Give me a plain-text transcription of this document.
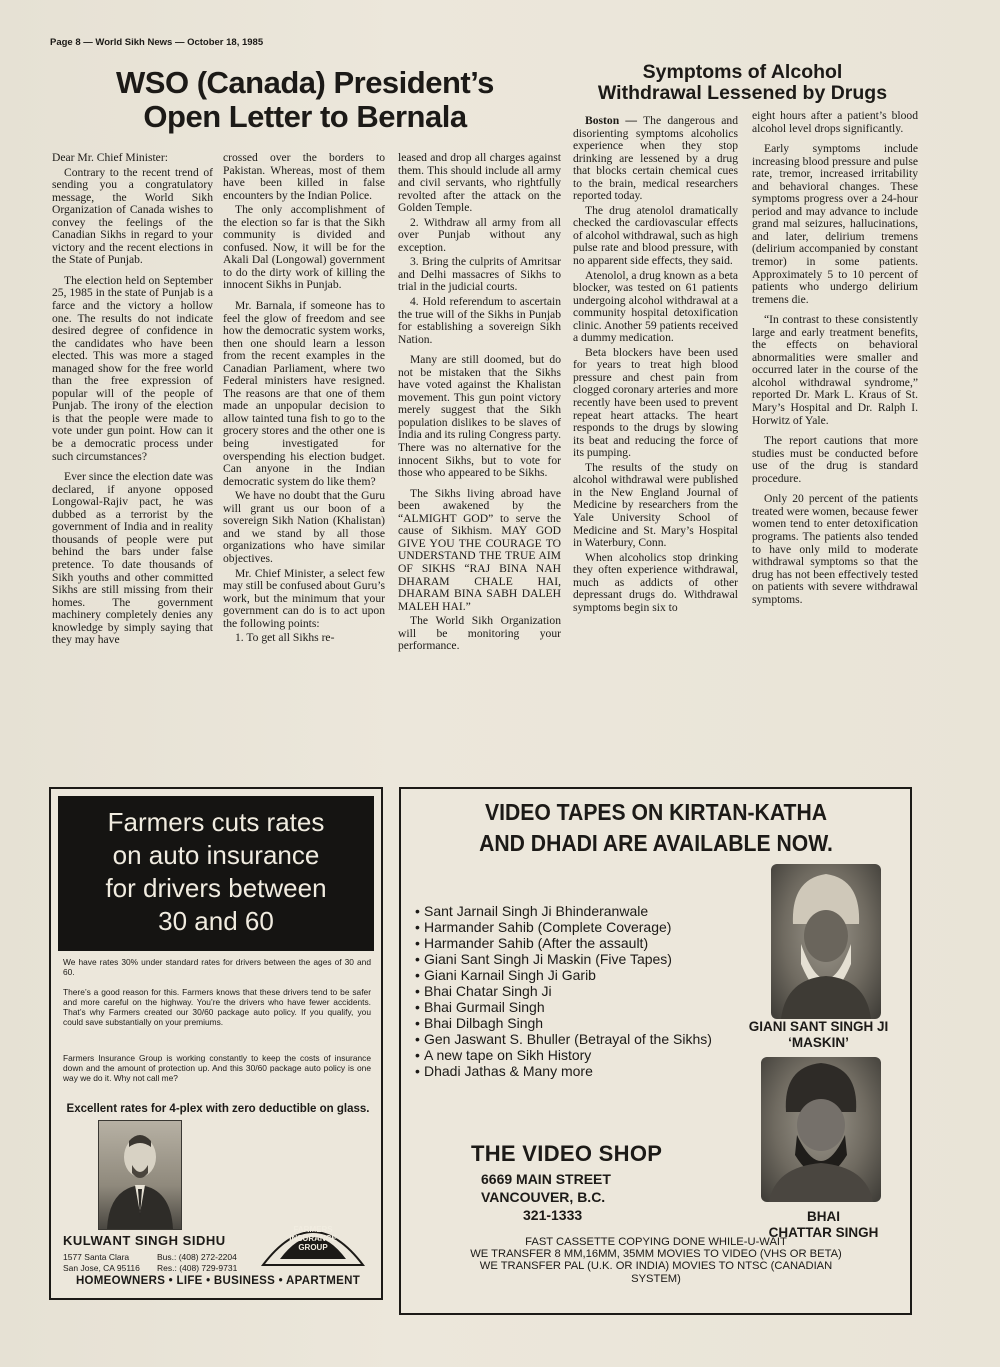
Page 8 — World Sikh News — October 18, 1985
WSO (Canada) President’s
Open Letter to Bernala
Symptoms of Alcohol
Withdrawal Lessened by Drugs

Dear Mr. Chief Minister:

Contrary to the recent trend of sending you a congratulatory message, the World Sikh Organization of Canada wishes to convey the feelings of the Canadian Sikhs in regard to your victory and the recent elections in the State of Punjab.

The election held on September 25, 1985 in the state of Punjab is a farce and the victory a hollow one. The results do not indicate desired degree of confidence in the candidates who have been elected. This was more a staged managed show for the free world than the free expression of popular will of the people of Punjab. The irony of the election is that the people were made to vote under gun point. How can it be a democratic process under such circumstances?

Ever since the election date was declared, if anyone opposed Longowal-Rajiv pact, he was dubbed as a terrorist by the government of India and in reality thousands of people were put behind the bars under false pretence. To date thousands of Sikh youths and other committed Sikhs are still missing from their homes. The government machinery completely denies any knowledge by simply saying that they may have

crossed over the borders to Pakistan. Whereas, most of them have been killed in false encounters by the Indian Police.

The only accomplishment of the election so far is that the Sikh community is divided and confused. Now, it will be for the Akali Dal (Longowal) government to do the dirty work of killing the innocent Sikhs in Punjab.

Mr. Barnala, if someone has to feel the glow of freedom and see how the democratic system works, then one should learn a lesson from the recent examples in the Canadian Parliament, where two Federal ministers have resigned. The reasons are that one of them made an unpopular decision to allow tainted tuna fish to go to the grocery stores and the other one is being investigated for overspending his election budget. Can anyone in the Indian democratic system do like them?

We have no doubt that the Guru will grant us our boon of a sovereign Sikh Nation (Khalistan) and we stand by all those organizations who have similar objectives.

Mr. Chief Minister, a select few may still be confused about Guru’s work, but the minimum that your government can do is to act upon the following points:

1. To get all Sikhs re-

leased and drop all charges against them. This should include all army and civil servants, who rightfully revolted after the attack on the Golden Temple.

2. Withdraw all army from all over Punjab without any exception.

3. Bring the culprits of Amritsar and Delhi massacres of Sikhs to trial in the judicial courts.

4. Hold referendum to ascertain the true will of the Sikhs in Punjab for establishing a sovereign Sikh Nation.

Many are still doomed, but do not be mistaken that the Sikhs have voted against the Khalistan movement. This gun point victory merely suggest that the Sikh population dislikes to be slaves of India and its ruling Congress party. There was no alternative for the innocent Sikhs, but to vote for those who appeared to be Sikhs.

The Sikhs living abroad have been awakened by the “ALMIGHT GOD” to serve the cause of Sikhism. MAY GOD GIVE YOU THE COURAGE TO UNDERSTAND THE TRUE AIM OF SIKHS “RAJ BINA NAH DHARAM CHALE HAI, DHARAM BINA SABH DALEH MALEH HAI.”

The World Sikh Organization will be monitoring your performance.

Boston — The dangerous and disorienting symptoms alcoholics experience when they stop drinking are lessened by a drug that blocks certain chemical cues to the brain, medical researchers reported today.

The drug atenolol dramatically checked the cardiovascular effects of alcohol withdrawal, such as high pulse rate and blood pressure, with no apparent side effects, they said.

Atenolol, a drug known as a beta blocker, was tested on 61 patients undergoing alcohol withdrawal at a community hospital detoxification clinic. Another 59 patients received a dummy medication.

Beta blockers have been used for years to treat high blood pressure and chest pain from clogged coronary arteries and more recently have been used to prevent repeat heart attacks. The heart responds to the drugs by slowing its beat and reducing the force of its pumping.

The results of the study on alcohol withdrawal were published in the New England Journal of Medicine by researchers from the Yale University School of Medicine and St. Mary’s Hospital in Waterbury, Conn.

When alcoholics stop drinking they often experience withdrawal, much as addicts of other depressant drugs do. Withdrawal symptoms begin six to

eight hours after a patient’s blood alcohol level drops significantly.

Early symptoms include increasing blood pressure and pulse rate, tremor, increased irritability and behavioral changes. These symptoms progress over a 24-hour period and may advance to include grand mal seizures, hallucinations, and later, delirium tremens (delirium accompanied by constant tremor) in some patients. Approximately 5 to 10 percent of patients who undergo delirium tremens die.

“In contrast to these consistently large and early treatment benefits, the effects on behavioral abnormalities were smaller and occurred later in the course of the alcohol withdrawal syndrome,” reported Dr. Mark L. Kraus of St. Mary’s Hospital and Dr. Ralph I. Horwitz of Yale.

The report cautions that more studies must be conducted before use of the drug is standard procedure.

Only 20 percent of the patients treated were women, because fewer women tend to enter detoxification programs. The patients also tended to have only mild to moderate withdrawal symptoms so that the drug has not been effectively tested on patients with severe withdrawal symptoms.

Farmers cuts rates
on auto insurance
for drivers between
30 and 60
We have rates 30% under standard rates for drivers between the ages of 30 and 60.
There’s a good reason for this. Farmers knows that these drivers tend to be safer and more careful on the highway. You’re the drivers who have fewer accidents. That’s why Farmers created our 30/60 package auto policy. If you qualify, you could save substantially on your premiums.
Farmers Insurance Group is working constantly to keep the costs of insurance down and the amount of protection up. And this 30/60 package auto policy is one way we do it. Why not call me?
Excellent rates for 4-plex with zero deductible on glass.
KULWANT SINGH SIDHU
1577 Santa Clara
San Jose, CA 95116
Bus.: (408) 272-2204
Res.: (408) 729-9731
FARMERS
INSURANCE
GROUP
HOMEOWNERS • LIFE • BUSINESS • APARTMENT
VIDEO TAPES ON KIRTAN-KATHA
AND DHADI ARE AVAILABLE NOW.
• Sant Jarnail Singh Ji Bhinderanwale
• Harmander Sahib (Complete Coverage)
• Harmander Sahib (After the assault)
• Giani Sant Singh Ji Maskin (Five Tapes)
• Giani Karnail Singh Ji Garib
• Bhai Chatar Singh Ji
• Bhai Gurmail Singh
• Bhai Dilbagh Singh
• Gen Jaswant S. Bhuller (Betrayal of the Sikhs)
• A new tape on Sikh History
• Dhadi Jathas & Many more
GIANI SANT SINGH JI
‘MASKIN’
BHAI
CHATTAR SINGH
THE VIDEO SHOP
6669 MAIN STREET
VANCOUVER, B.C.
321-1333
FAST CASSETTE COPYING DONE WHILE-U-WAIT
WE TRANSFER 8 MM,16MM, 35MM MOVIES TO VIDEO (VHS OR BETA)
WE TRANSFER PAL (U.K. OR INDIA) MOVIES TO NTSC (CANADIAN
SYSTEM)
